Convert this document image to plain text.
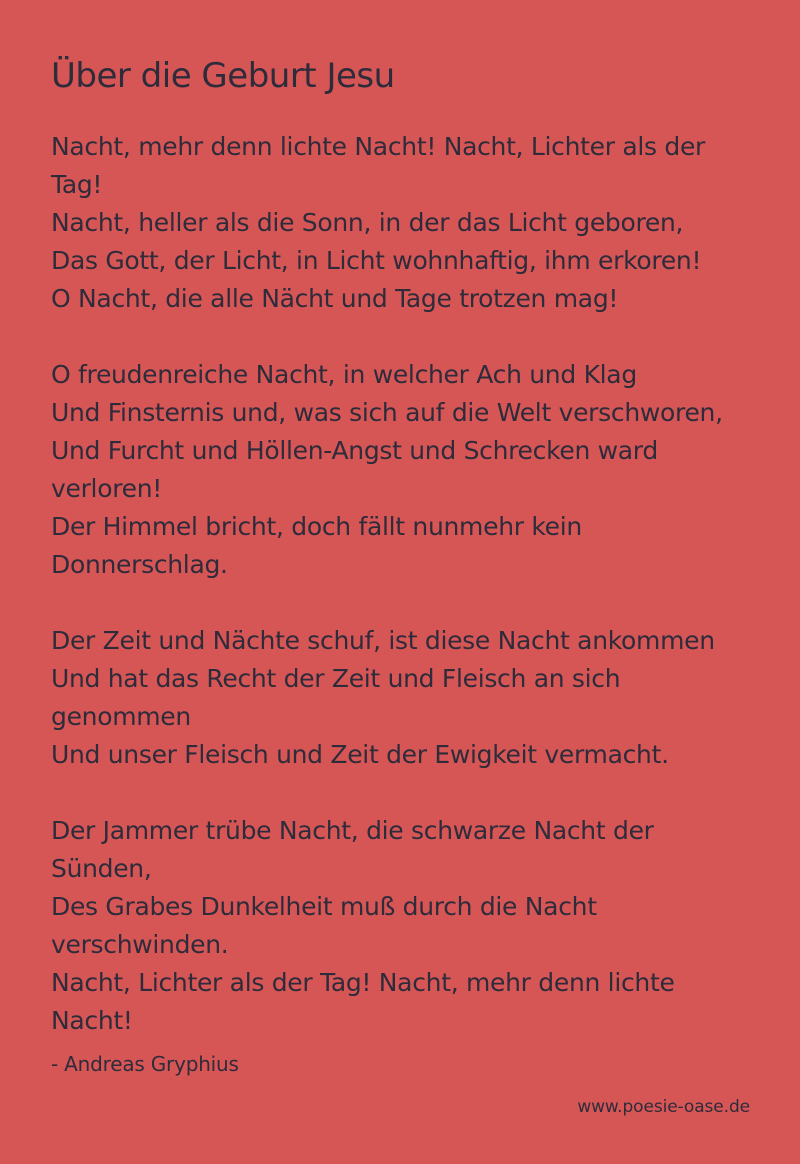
Über die Geburt Jesu
Nacht, mehr denn lichte Nacht! Nacht, Lichter als der Tag!
Nacht, heller als die Sonn, in der das Licht geboren,
Das Gott, der Licht, in Licht wohnhaftig, ihm erkoren!
O Nacht, die alle Nächt und Tage trotzen mag!
O freudenreiche Nacht, in welcher Ach und Klag
Und Finsternis und, was sich auf die Welt verschworen,
Und Furcht und Höllen-Angst und Schrecken ward verloren!
Der Himmel bricht, doch fällt nunmehr kein Donnerschlag.
Der Zeit und Nächte schuf, ist diese Nacht ankommen
Und hat das Recht der Zeit und Fleisch an sich genommen
Und unser Fleisch und Zeit der Ewigkeit vermacht.
Der Jammer trübe Nacht, die schwarze Nacht der Sünden,
Des Grabes Dunkelheit muß durch die Nacht verschwinden.
Nacht, Lichter als der Tag! Nacht, mehr denn lichte Nacht!
- Andreas Gryphius
www.poesie-oase.de
